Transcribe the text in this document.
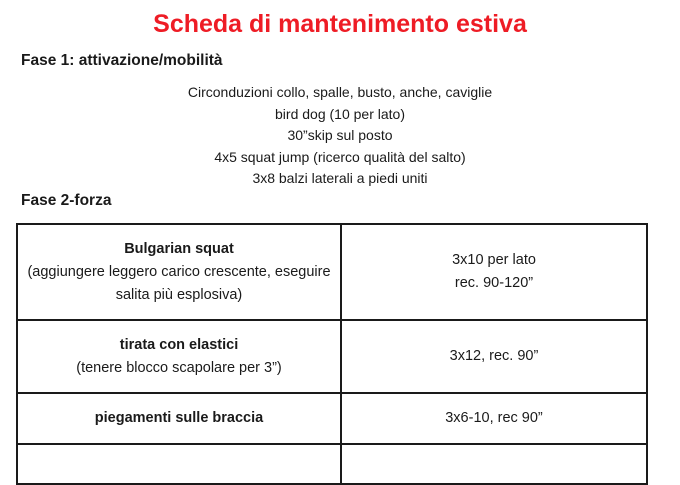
Scheda di mantenimento estiva
Fase 1: attivazione/mobilità
Circonduzioni collo, spalle, busto, anche, caviglie
bird dog (10 per lato)
30”skip sul posto
4x5 squat jump (ricercо qualità del salto)
3x8 balzi laterali a piedi uniti
Fase 2-forza
Bulgarian squat
(aggiungere leggero carico crescente, eseguire salita più esplosiva)	3x10 per lato
rec. 90-120”

tirata con elastici
(tenere blocco scapolare per 3”)	3x12, rec. 90”

piegamenti sulle braccia	3x6-10, rec 90”
